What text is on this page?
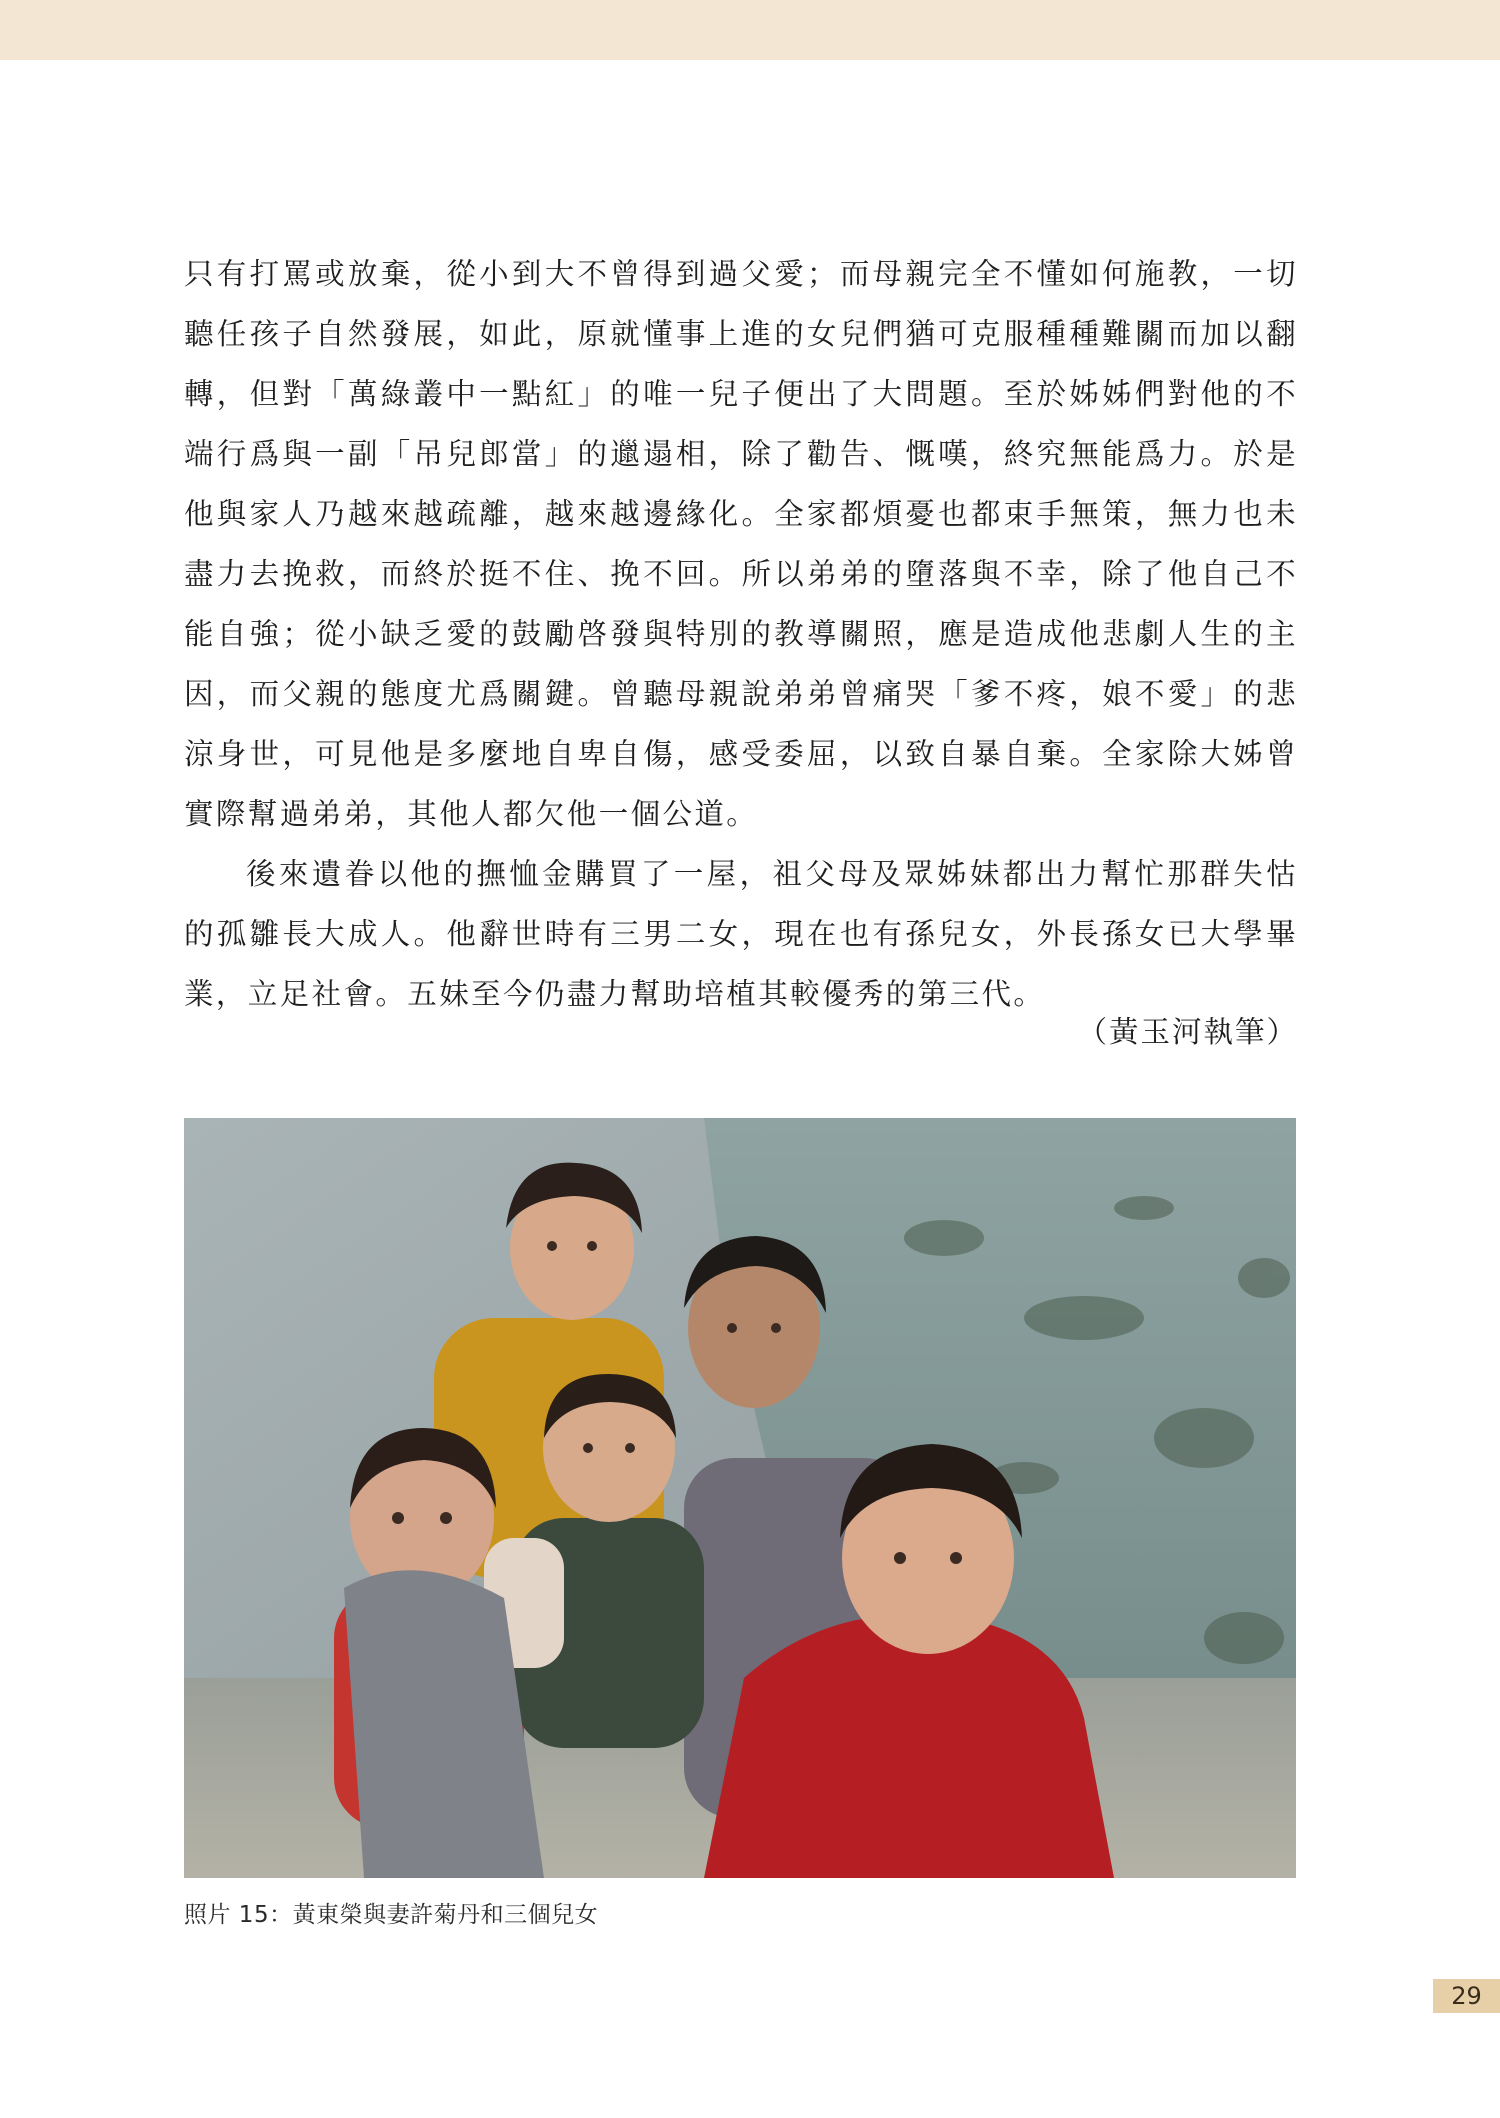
只有打罵或放棄，從小到大不曾得到過父愛；而母親完全不懂如何施教，一切聽任孩子自然發展，如此，原就懂事上進的女兒們猶可克服種種難關而加以翻轉，但對「萬綠叢中一點紅」的唯一兒子便出了大問題。至於姊姊們對他的不端行爲與一副「吊兒郎當」的邋遢相，除了勸告、慨嘆，終究無能爲力。於是他與家人乃越來越疏離，越來越邊緣化。全家都煩憂也都束手無策，無力也未盡力去挽救，而終於挺不住、挽不回。所以弟弟的墮落與不幸，除了他自己不能自強；從小缺乏愛的鼓勵啓發與特別的教導關照，應是造成他悲劇人生的主因，而父親的態度尤爲關鍵。曾聽母親說弟弟曾痛哭「爹不疼，娘不愛」的悲涼身世，可見他是多麼地自卑自傷，感受委屈，以致自暴自棄。全家除大姊曾實際幫過弟弟，其他人都欠他一個公道。

後來遺眷以他的撫恤金購買了一屋，祖父母及眾姊妹都出力幫忙那群失怙的孤雛長大成人。他辭世時有三男二女，現在也有孫兒女，外長孫女已大學畢業，立足社會。五妹至今仍盡力幫助培植其較優秀的第三代。

（黃玉河執筆）
照片 15：黃東榮與妻許菊丹和三個兒女
29
